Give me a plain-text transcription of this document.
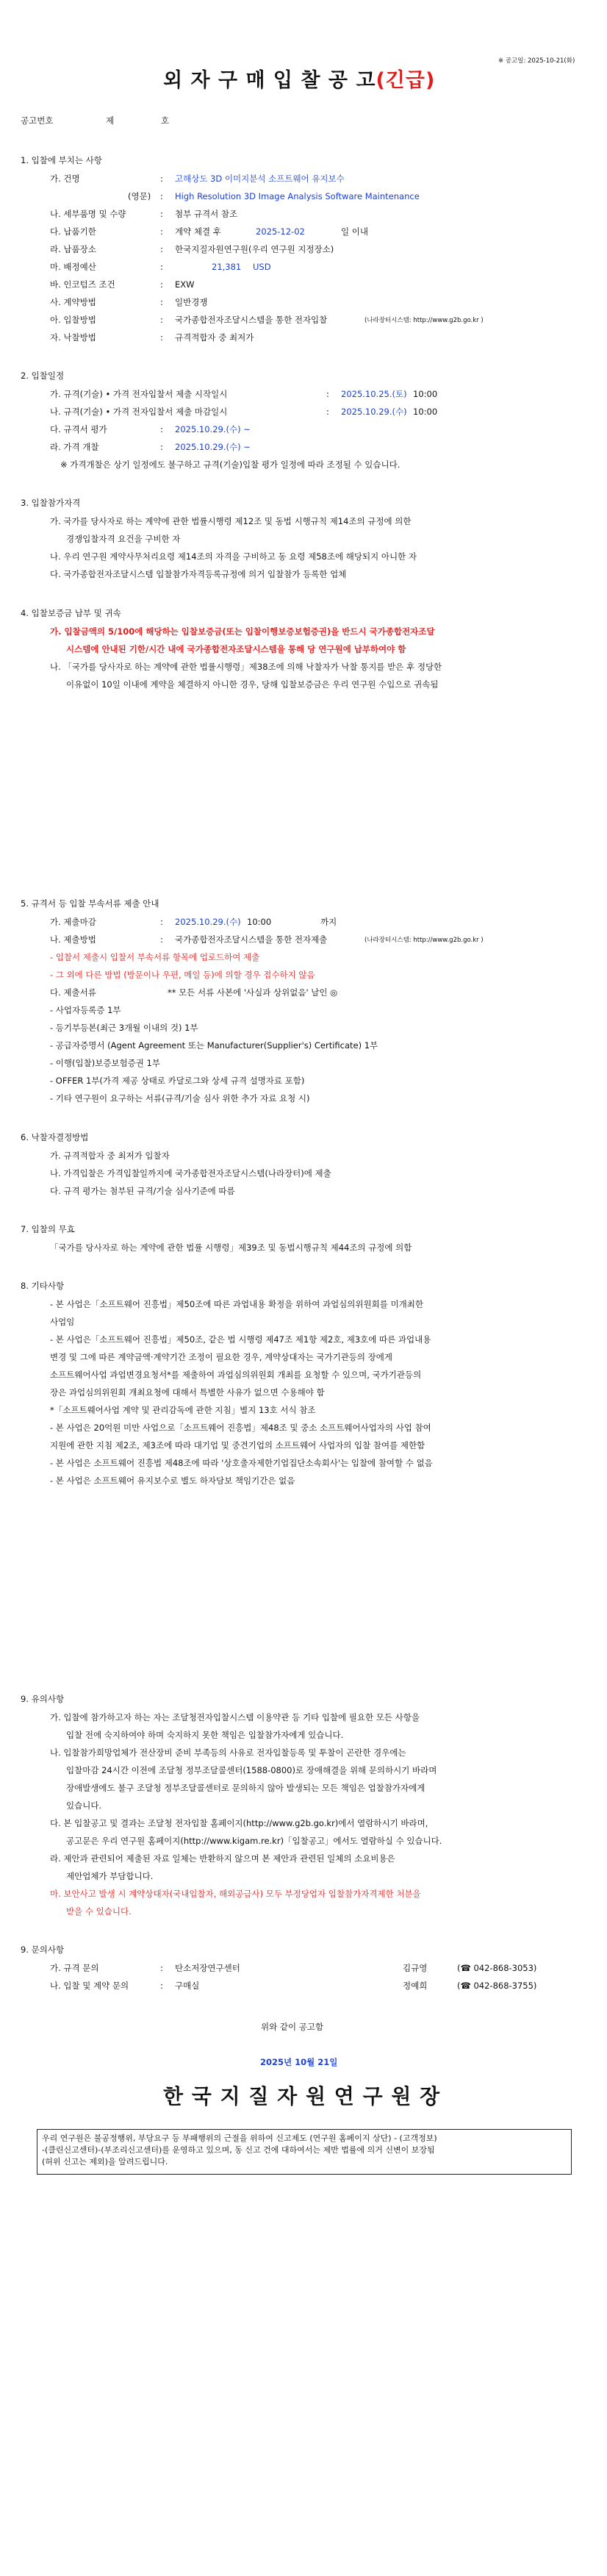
※ 공고일: 2025-10-21(화)
외 자 구 매 입 찰 공 고(긴급)
공고번호	제	호
1. 입찰에 부치는 사항
가. 건명	: 고해상도 3D 이미지분석 소프트웨어 유지보수
(영문) : High Resolution 3D Image Analysis Software Maintenance
나. 세부품명 및 수량	: 첨부 규격서 참조
다. 납품기한	: 계약 체결 후	2025-12-02	일 이내
라. 납품장소	: 한국지질자원연구원(우리 연구원 지정장소)
마. 배정예산	:	21,381 USD
바. 인코텀즈 조건	: EXW
사. 계약방법	: 일반경쟁
아. 입찰방법	: 국가종합전자조달시스템을 통한 전자입찰	(나라장터시스템: http://www.g2b.go.kr )
자. 낙찰방법	: 규격적합자 중 최저가
2. 입찰일정
가. 규격(기술) • 가격 전자입찰서 제출 시작일시	: 2025.10.25.(토) 10:00
나. 규격(기술) • 가격 전자입찰서 제출 마감일시	: 2025.10.29.(수) 10:00
다. 규격서 평가	: 2025.10.29.(수) ~
라. 가격 개찰	: 2025.10.29.(수) ~
※ 가격개찰은 상기 일정에도 불구하고 규격(기술)입찰 평가 일정에 따라 조정될 수 있습니다.
3. 입찰참가자격
가. 국가를 당사자로 하는 계약에 관한 법률시행령 제12조 및 동법 시행규칙 제14조의 규정에 의한
경쟁입찰자격 요건을 구비한 자
나. 우리 연구원 계약사무처리요령 제14조의 자격을 구비하고 동 요령 제58조에 해당되지 아니한 자
다. 국가종합전자조달시스템 입찰참가자격등록규정에 의거 입찰참가 등록한 업체
4. 입찰보증금 납부 및 귀속
가. 입찰금액의 5/100에 해당하는 입찰보증금(또는 입찰이행보증보험증권)을 반드시 국가종합전자조달
시스템에 안내된 기한/시간 내에 국가종합전자조달시스템을 통해 당 연구원에 납부하여야 함
나. 「국가를 당사자로 하는 계약에 관한 법률시행령」제38조에 의해 낙찰자가 낙찰 통지를 받은 후 정당한
이유없이 10일 이내에 계약을 체결하지 아니한 경우, 당해 입찰보증금은 우리 연구원 수입으로 귀속됨
5. 규격서 등 입찰 부속서류 제출 안내
가. 제출마감	: 2025.10.29.(수) 10:00	까지
나. 제출방법	: 국가종합전자조달시스템을 통한 전자제출	(나라장터시스템: http://www.g2b.go.kr )
- 입찰서 제출시 입찰서 부속서류 항목에 업로드하여 제출
- 그 외에 다른 방법 (방문이나 우편, 메일 등)에 의할 경우 접수하지 않음
다. 제출서류	** 모든 서류 사본에 '사실과 상위없음' 날인 ◎
- 사업자등록증 1부
- 등기부등본(최근 3개월 이내의 것) 1부
- 공급자증명서 (Agent Agreement 또는 Manufacturer(Supplier's) Certificate) 1부
- 이행(입찰)보증보험증권 1부
- OFFER 1부(가격 제공 상태로 카달로그와 상세 규격 설명자료 포함)
- 기타 연구원이 요구하는 서류(규격/기술 심사 위한 추가 자료 요청 시)
6. 낙찰자결정방법
가. 규격적합자 중 최저가 입찰자
나. 가격입찰은 가격입찰일까지에 국가종합전자조달시스템(나라장터)에 제출
다. 규격 평가는 첨부된 규격/기술 심사기준에 따름
7. 입찰의 무효
「국가를 당사자로 하는 계약에 관한 법률 시행령」제39조 및 동법시행규칙 제44조의 규정에 의함
8. 기타사항
- 본 사업은「소프트웨어 진흥법」제50조에 따른 과업내용 확정을 위하여 과업심의위원회를 미개최한
사업임
- 본 사업은「소프트웨어 진흥법」제50조, 같은 법 시행령 제47조 제1항 제2호, 제3호에 따른 과업내용
변경 및 그에 따른 계약금액·계약기간 조정이 필요한 경우, 계약상대자는 국가기관등의 장에게
소프트웨어사업 과업변경요청서*를 제출하여 과업심의위원회 개최를 요청할 수 있으며, 국가기관등의
장은 과업심의위원회 개최요청에 대해서 특별한 사유가 없으면 수용해야 함
*「소프트웨어사업 계약 및 관리감독에 관한 지침」별지 13호 서식 참조
- 본 사업은 20억원 미만 사업으로「소프트웨어 진흥법」제48조 및 중소 소프트웨어사업자의 사업 참여
지원에 관한 지침 제2조, 제3조에 따라 대기업 및 중견기업의 소프트웨어 사업자의 입찰 참여를 제한함
- 본 사업은 소프트웨어 진흥법 제48조에 따라 '상호출자제한기업집단소속회사'는 입찰에 참여할 수 없음
- 본 사업은 소프트웨어 유지보수로 별도 하자담보 책임기간은 없음
9. 유의사항
가. 입찰에 참가하고자 하는 자는 조달청전자입찰시스템 이용약관 등 기타 입찰에 필요한 모든 사항을
입찰 전에 숙지하여야 하며 숙지하지 못한 책임은 입찰참가자에게 있습니다.
나. 입찰참가희망업체가 전산장비 준비 부족등의 사유로 전자입찰등록 및 투찰이 곤란한 경우에는
입찰마감 24시간 이전에 조달청 정부조달콜센터(1588-0800)로 장애해결을 위해 문의하시기 바라며
장애발생에도 불구 조달청 정부조달콜센터로 문의하지 않아 발생되는 모든 책임은 업찰참가자에게
있습니다.
다. 본 입찰공고 및 결과는 조달청 전자입찰 홈페이지(http://www.g2b.go.kr)에서 열람하시기 바라며,
공고문은 우리 연구원 홈페이지(http://www.kigam.re.kr)「입찰공고」에서도 열람하실 수 있습니다.
라. 제안과 관련되어 제출된 자료 일체는 반환하지 않으며 본 제안과 관련된 일체의 소요비용은
제안업체가 부담합니다.
마. 보안사고 발생 시 계약상대자(국내입찰자, 해외공급사) 모두 부정당업자 입찰참가자격제한 처분을
받을 수 있습니다.
9. 문의사항
가. 규격 문의	: 탄소저장연구센터	김규영	(☎ 042-868-3053)
나. 입찰 및 계약 문의	: 구매실	정예희	(☎ 042-868-3755)
위와 같이 공고함
2025년 10월 21일
한 국 지 질 자 원 연 구 원 장
우리 연구원은 불공정행위, 부당요구 등 부패행위의 근절을 위하여 신고제도 (연구원 홈페이지 상단) - (고객정보)
-(클린신고센터)-(부조리신고센터)를 운영하고 있으며, 동 신고 건에 대하여서는 제반 법률에 의거 신변이 보장됨
(허위 신고는 제외)을 알려드립니다.
